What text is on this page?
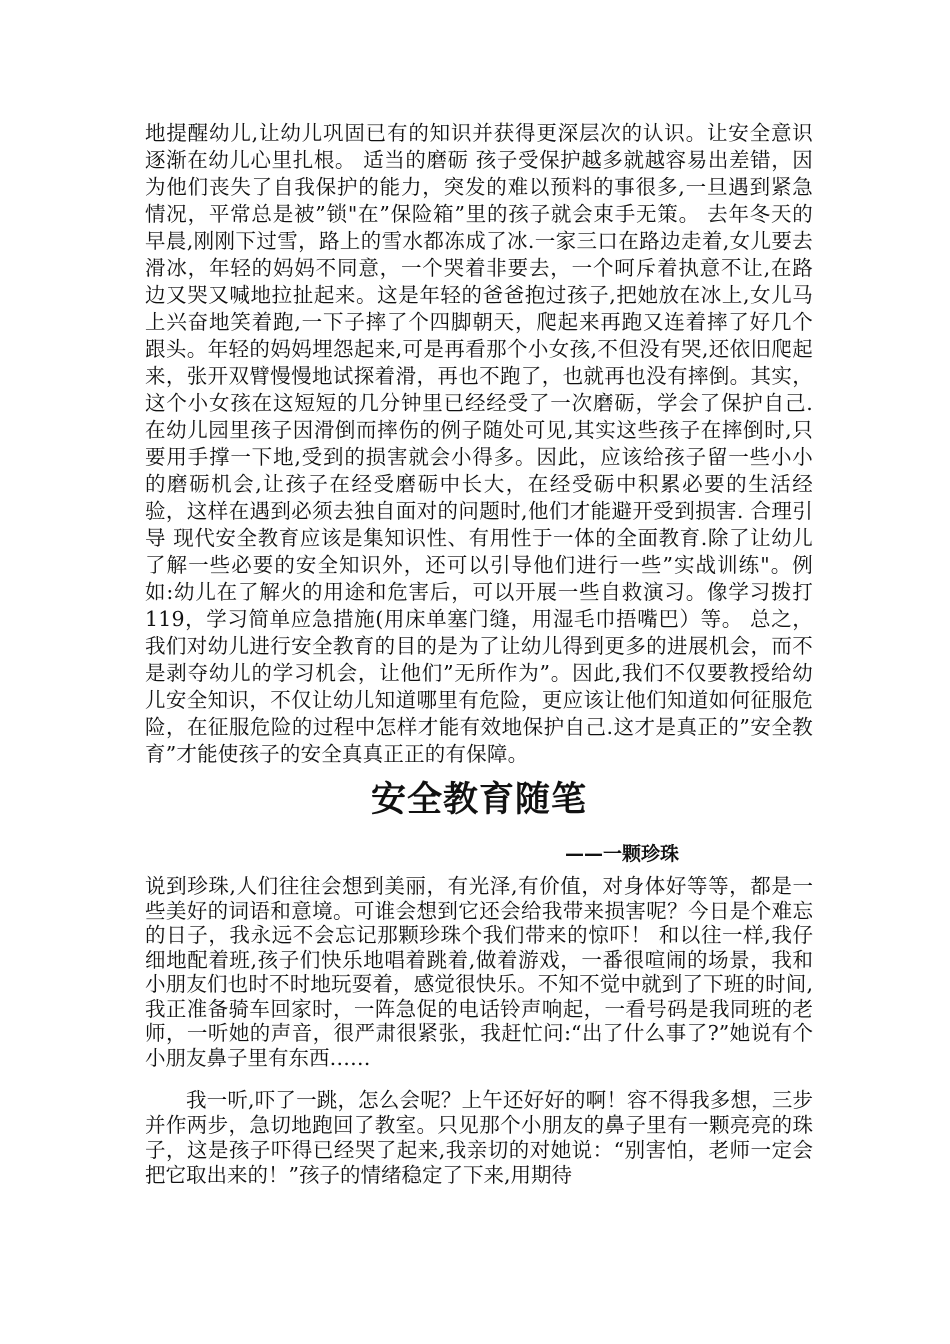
地提醒幼儿,让幼儿巩固已有的知识并获得更深层次的认识。让安全意识逐渐在幼儿心里扎根。 适当的磨砺 孩子受保护越多就越容易出差错，因为他们丧失了自我保护的能力，突发的难以预料的事很多,一旦遇到紧急情况，平常总是被”锁"在”保险箱”里的孩子就会束手无策。 去年冬天的早晨,刚刚下过雪，路上的雪水都冻成了冰.一家三口在路边走着,女儿要去滑冰，年轻的妈妈不同意，一个哭着非要去，一个呵斥着执意不让,在路边又哭又喊地拉扯起来。这是年轻的爸爸抱过孩子,把她放在冰上,女儿马上兴奋地笑着跑,一下子摔了个四脚朝天，爬起来再跑又连着摔了好几个跟头。年轻的妈妈埋怨起来,可是再看那个小女孩,不但没有哭,还依旧爬起来，张开双臂慢慢地试探着滑，再也不跑了，也就再也没有摔倒。其实，这个小女孩在这短短的几分钟里已经经受了一次磨砺，学会了保护自己. 在幼儿园里孩子因滑倒而摔伤的例子随处可见,其实这些孩子在摔倒时,只要用手撑一下地,受到的损害就会小得多。因此，应该给孩子留一些小小的磨砺机会,让孩子在经受磨砺中长大，在经受砺中积累必要的生活经验，这样在遇到必须去独自面对的问题时,他们才能避开受到损害. 合理引导 现代安全教育应该是集知识性、有用性于一体的全面教育.除了让幼儿了解一些必要的安全知识外，还可以引导他们进行一些”实战训练"。例如:幼儿在了解火的用途和危害后，可以开展一些自救演习。像学习拨打119，学习简单应急措施(用床单塞门缝，用湿毛巾捂嘴巴）等。 总之，我们对幼儿进行安全教育的目的是为了让幼儿得到更多的进展机会，而不是剥夺幼儿的学习机会，让他们”无所作为”。因此,我们不仅要教授给幼儿安全知识，不仅让幼儿知道哪里有危险，更应该让他们知道如何征服危险，在征服危险的过程中怎样才能有效地保护自己.这才是真正的”安全教育”才能使孩子的安全真真正正的有保障。

安全教育随笔
——一颗珍珠

说到珍珠,人们往往会想到美丽，有光泽,有价值，对身体好等等，都是一些美好的词语和意境。可谁会想到它还会给我带来损害呢？今日是个难忘的日子，我永远不会忘记那颗珍珠个我们带来的惊吓！ 和以往一样,我仔细地配着班,孩子们快乐地唱着跳着,做着游戏，一番很喧闹的场景，我和小朋友们也时不时地玩耍着，感觉很快乐。不知不觉中就到了下班的时间,我正准备骑车回家时，一阵急促的电话铃声响起，一看号码是我同班的老师，一听她的声音，很严肃很紧张，我赶忙问:“出了什么事了?”她说有个小朋友鼻子里有东西……

我一听,吓了一跳，怎么会呢？上午还好好的啊！容不得我多想，三步并作两步，急切地跑回了教室。只见那个小朋友的鼻子里有一颗亮亮的珠子，这是孩子吓得已经哭了起来,我亲切的对她说：“别害怕，老师一定会把它取出来的！”孩子的情绪稳定了下来,用期待
